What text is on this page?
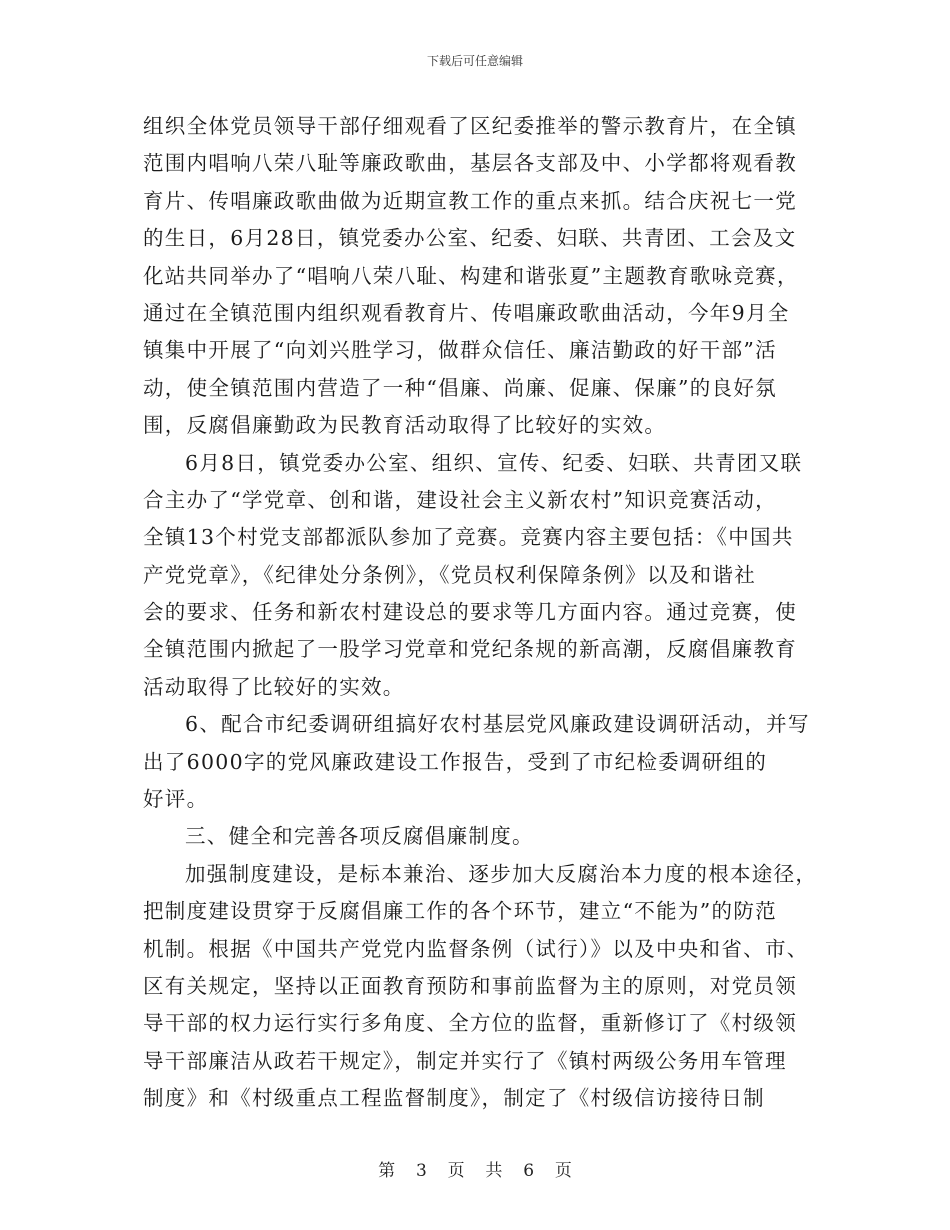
下载后可任意编辑
组织全体党员领导干部仔细观看了区纪委推举的警示教育片，在全镇
范围内唱响八荣八耻等廉政歌曲，基层各支部及中、小学都将观看教
育片、传唱廉政歌曲做为近期宣教工作的重点来抓。结合庆祝七一党
的生日，6月28日，镇党委办公室、纪委、妇联、共青团、工会及文
化站共同举办了“唱响八荣八耻、构建和谐张夏”主题教育歌咏竞赛，
通过在全镇范围内组织观看教育片、传唱廉政歌曲活动，今年9月全
镇集中开展了“向刘兴胜学习，做群众信任、廉洁勤政的好干部”活
动，使全镇范围内营造了一种“倡廉、尚廉、促廉、保廉”的良好氛
围，反腐倡廉勤政为民教育活动取得了比较好的实效。
6月8日，镇党委办公室、组织、宣传、纪委、妇联、共青团又联
合主办了“学党章、创和谐，建设社会主义新农村”知识竞赛活动，
全镇13个村党支部都派队参加了竞赛。竞赛内容主要包括：《中国共
产党党章》，《纪律处分条例》，《党员权利保障条例》以及和谐社
会的要求、任务和新农村建设总的要求等几方面内容。通过竞赛，使
全镇范围内掀起了一股学习党章和党纪条规的新高潮，反腐倡廉教育
活动取得了比较好的实效。
6、配合市纪委调研组搞好农村基层党风廉政建设调研活动，并写
出了6000字的党风廉政建设工作报告，受到了市纪检委调研组的
好评。
三、健全和完善各项反腐倡廉制度。
加强制度建设，是标本兼治、逐步加大反腐治本力度的根本途径，
把制度建设贯穿于反腐倡廉工作的各个环节，建立“不能为”的防范
机制。根据《中国共产党党内监督条例（试行）》以及中央和省、市、
区有关规定，坚持以正面教育预防和事前监督为主的原则，对党员领
导干部的权力运行实行多角度、全方位的监督，重新修订了《村级领
导干部廉洁从政若干规定》，制定并实行了《镇村两级公务用车管理
制度》和《村级重点工程监督制度》，制定了《村级信访接待日制
第 3 页 共 6 页
